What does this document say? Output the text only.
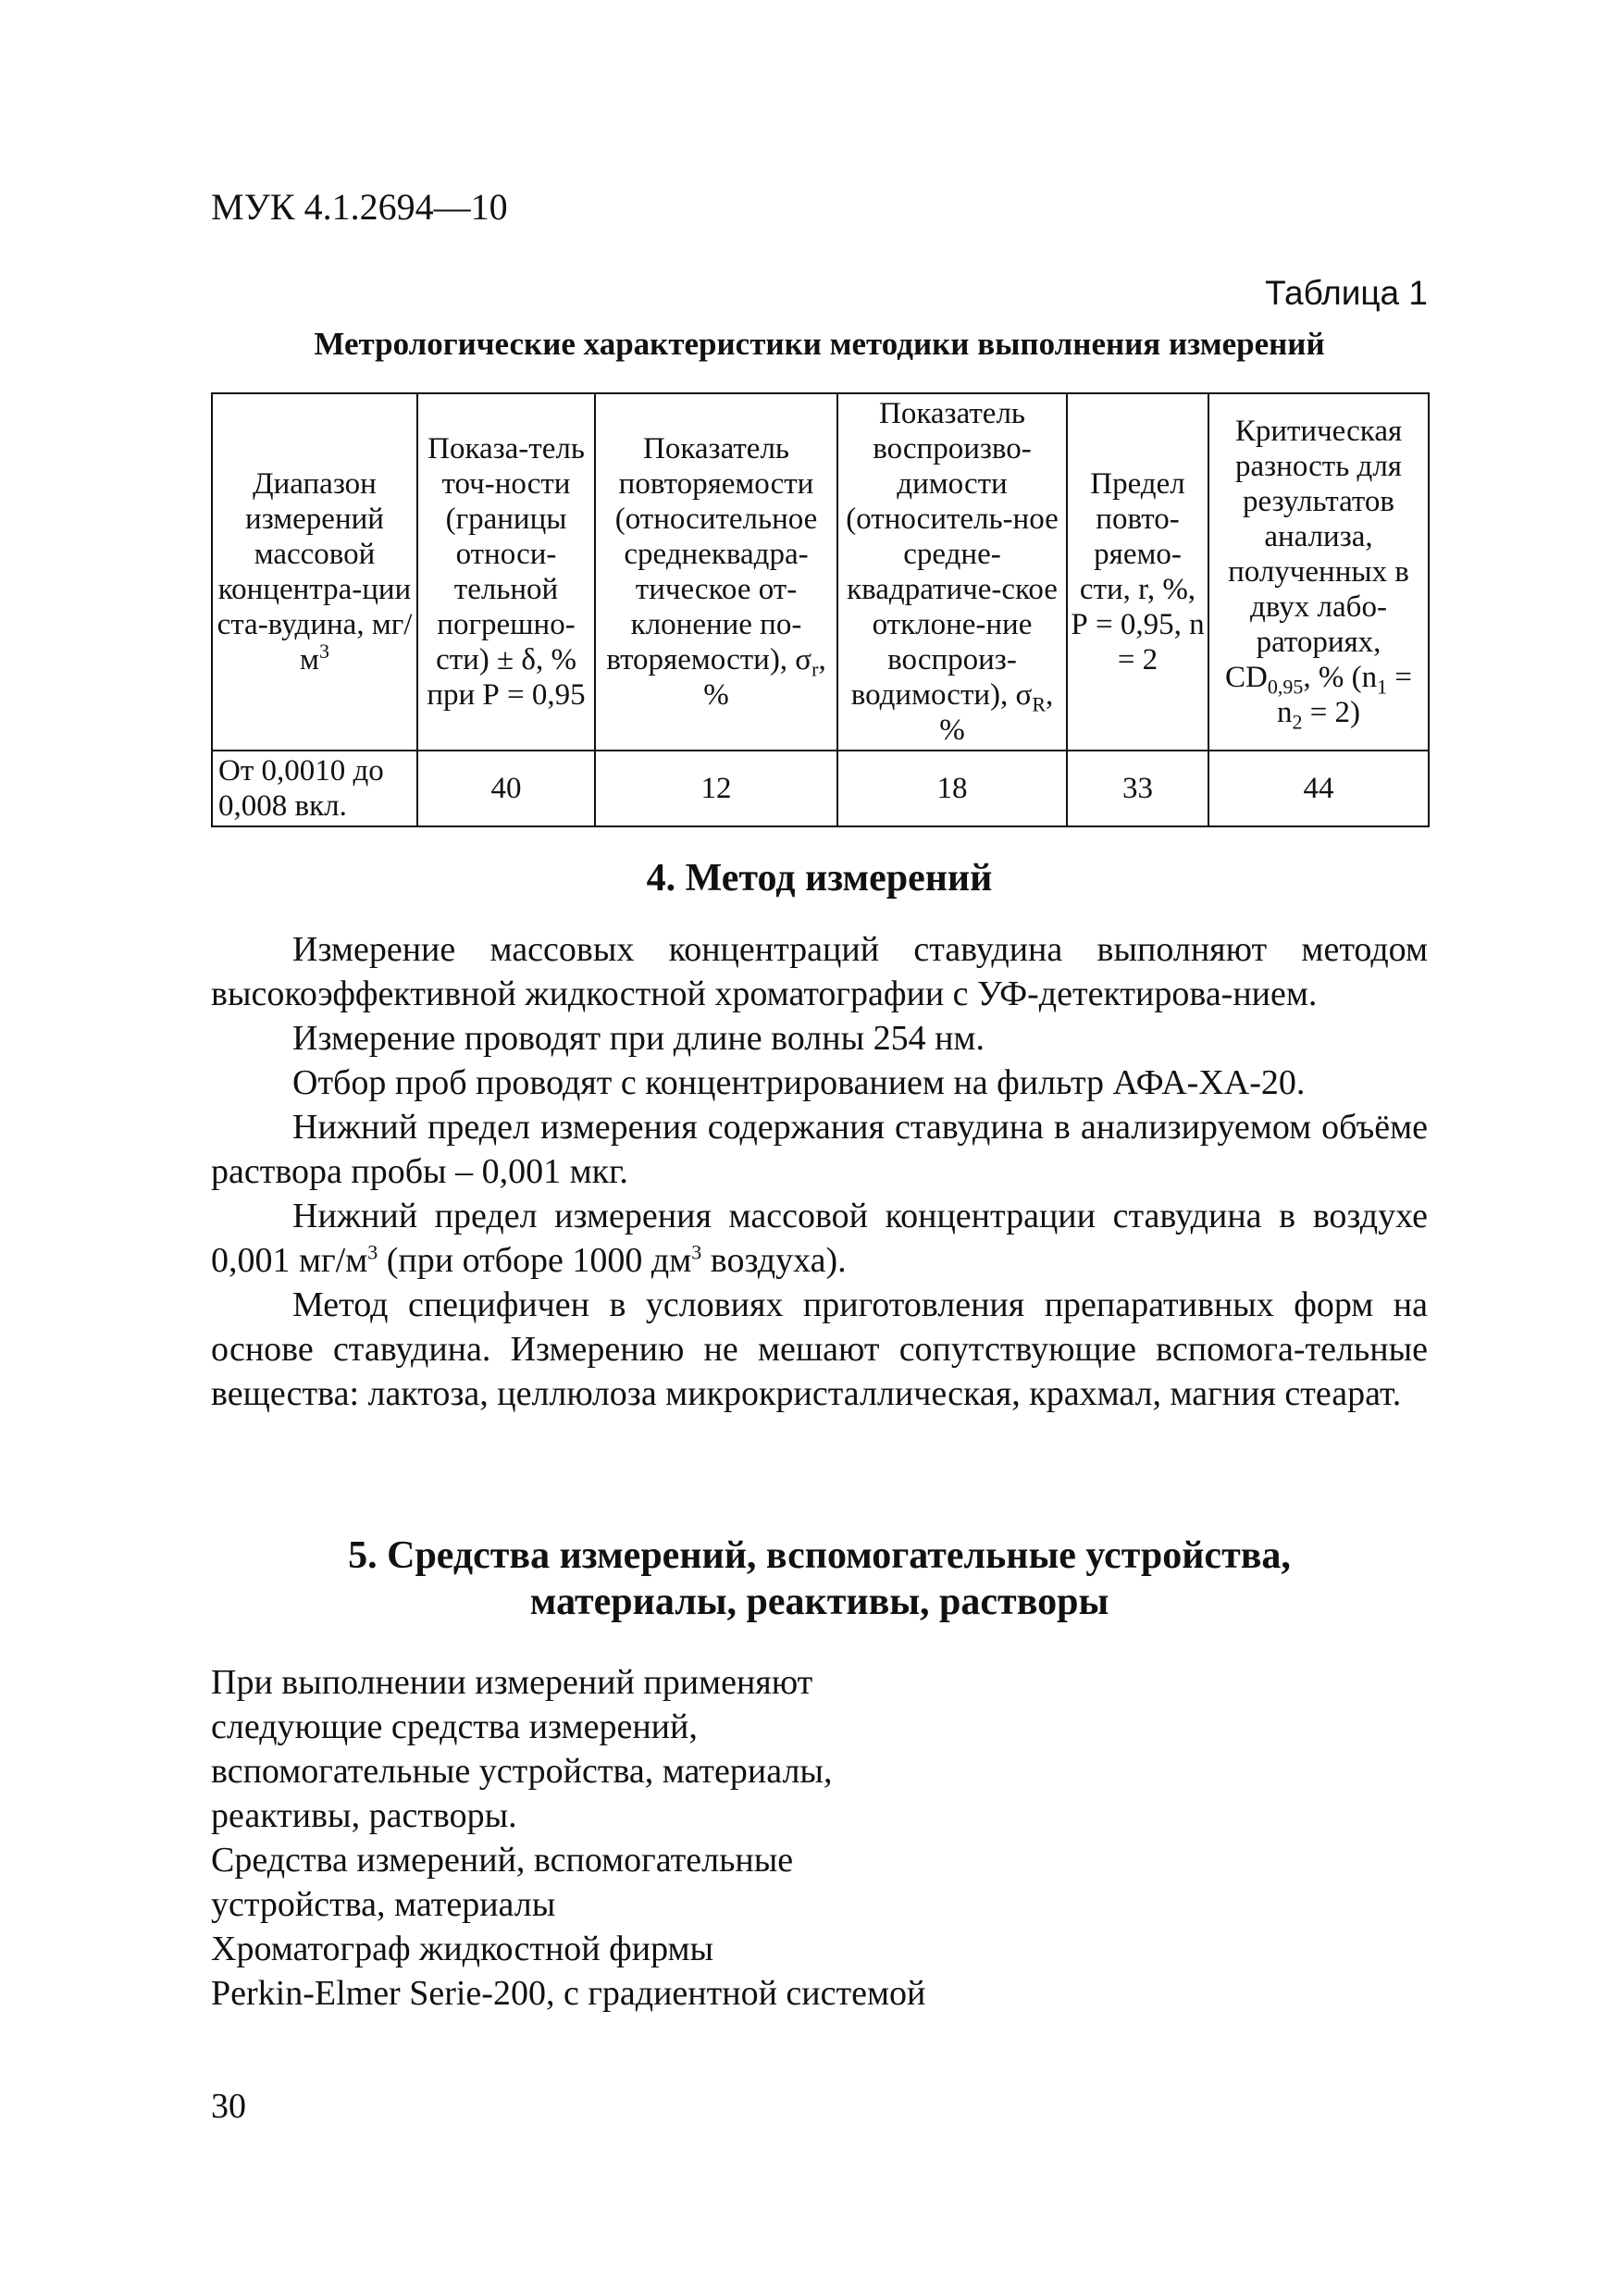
МУК 4.1.2694—10
Таблица 1
Метрологические характеристики методики выполнения измерений
Диапазон измерений массовой концентра-ции ста-вудина, $мг/м^3$	Показа-тель точ-ности (границы относи-тельной погрешно-сти) ± δ, % при Р = 0,95	Показатель повторяемости (относительное среднеквадра-тическое от-клонение по-вторяемости), $\sigma_r$, %	Показатель воспроизво-димости (относитель-ное средне-квадратиче-ское отклоне-ние воспроиз-водимости), $\sigma_R$, %	Предел повто-ряемо-сти, r, %, Р = 0,95, n = 2	Критическая разность для результатов анализа, полученных в двух лабо-раториях, $CD_{0,95}$, % $(n_1 = n_2 = 2)$
От 0,0010 до 0,008 вкл.	40	12	18	33	44
4. Метод измерений

Измерение массовых концентраций ставудина выполняют методом высокоэффективной жидкостной хроматографии с УФ-детектирова-нием.

Измерение проводят при длине волны 254 нм.

Отбор проб проводят с концентрированием на фильтр АФА-ХА-20.

Нижний предел измерения содержания ставудина в анализируемом объёме раствора пробы – 0,001 мкг.

Нижний предел измерения массовой концентрации ставудина в воздухе 0,001 $мг/м^3$ (при отборе 1000 $дм^3$ воздуха).

Метод специфичен в условиях приготовления препаративных форм на основе ставудина. Измерению не мешают сопутствующие вспомога-тельные вещества: лактоза, целлюлоза микрокристаллическая, крахмал, магния стеарат.

5. Средства измерений, вспомогательные устройства,
материалы, реактивы, растворы
При выполнении измерений применяют
следующие средства измерений,
вспомогательные устройства, материалы,
реактивы, растворы.
Средства измерений, вспомогательные
устройства, материалы
Хроматограф жидкостной фирмы
Perkin-Elmer Serie-200, с градиентной системой
30
